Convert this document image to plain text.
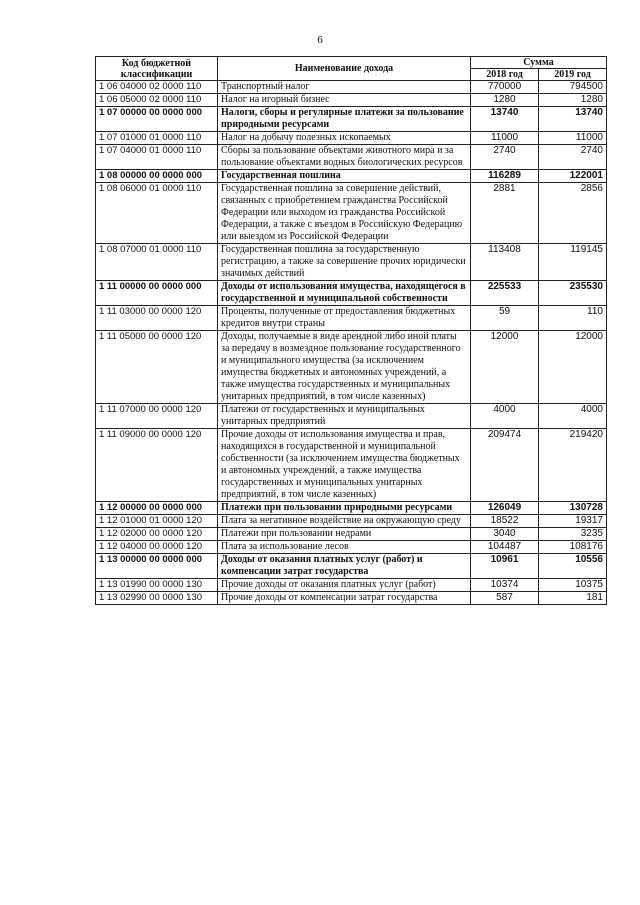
6
Код бюджетной классификации	Наименование дохода	Сумма	
		2018 год	2019 год
1 06 04000 02 0000 110	Транспортный налог	770000	794500
1 06 05000 02 0000 110	Налог на игорный бизнес	1280	1280
1 07 00000 00 0000 000	Налоги, сборы и регулярные платежи за пользование природными ресурсами	13740	13740
1 07 01000 01 0000 110	Налог на добычу полезных ископаемых	11000	11000
1 07 04000 01 0000 110	Сборы за пользование объектами животного мира и за пользование объектами водных биологических ресурсов	2740	2740
1 08 00000 00 0000 000	Государственная пошлина	116289	122001
1 08 06000 01 0000 110	Государственная пошлина за совершение действий, связанных с приобретением гражданства Российской Федерации или выходом из гражданства Российской Федерации, а также с въездом в Российскую Федерацию или выездом из Российской Федерации	2881	2856
1 08 07000 01 0000 110	Государственная пошлина за государственную регистрацию, а также за совершение прочих юридически значимых действий	113408	119145
1 11 00000 00 0000 000	Доходы от использования имущества, находящегося в государственной и муниципальной собственности	225533	235530
1 11 03000 00 0000 120	Проценты, полученные от предоставления бюджетных кредитов внутри страны	59	110
1 11 05000 00 0000 120	Доходы, получаемые в виде арендной либо иной платы за передачу в возмездное пользование государственного и муниципального имущества (за исключением имущества бюджетных и автономных учреждений, а также имущества государственных и муниципальных унитарных предприятий, в том числе казенных)	12000	12000
1 11 07000 00 0000 120	Платежи от государственных и муниципальных унитарных предприятий	4000	4000
1 11 09000 00 0000 120	Прочие доходы от использования имущества и прав, находящихся в государственной и муниципальной собственности (за исключением имущества бюджетных и автономных учреждений, а также имущества государственных и муниципальных унитарных предприятий, в том числе казенных)	209474	219420
1 12 00000 00 0000 000	Платежи при пользовании природными ресурсами	126049	130728
1 12 01000 01 0000 120	Плата за негативное воздействие на окружающую среду	18522	19317
1 12 02000 00 0000 120	Платежи при пользовании недрами	3040	3235
1 12 04000 00 0000 120	Плата за использование лесов	104487	108176
1 13 00000 00 0000 000	Доходы от оказания платных услуг (работ) и компенсации затрат государства	10961	10556
1 13 01990 00 0000 130	Прочие доходы от оказания платных услуг (работ)	10374	10375
1 13 02990 00 0000 130	Прочие доходы от компенсации затрат государства	587	181
